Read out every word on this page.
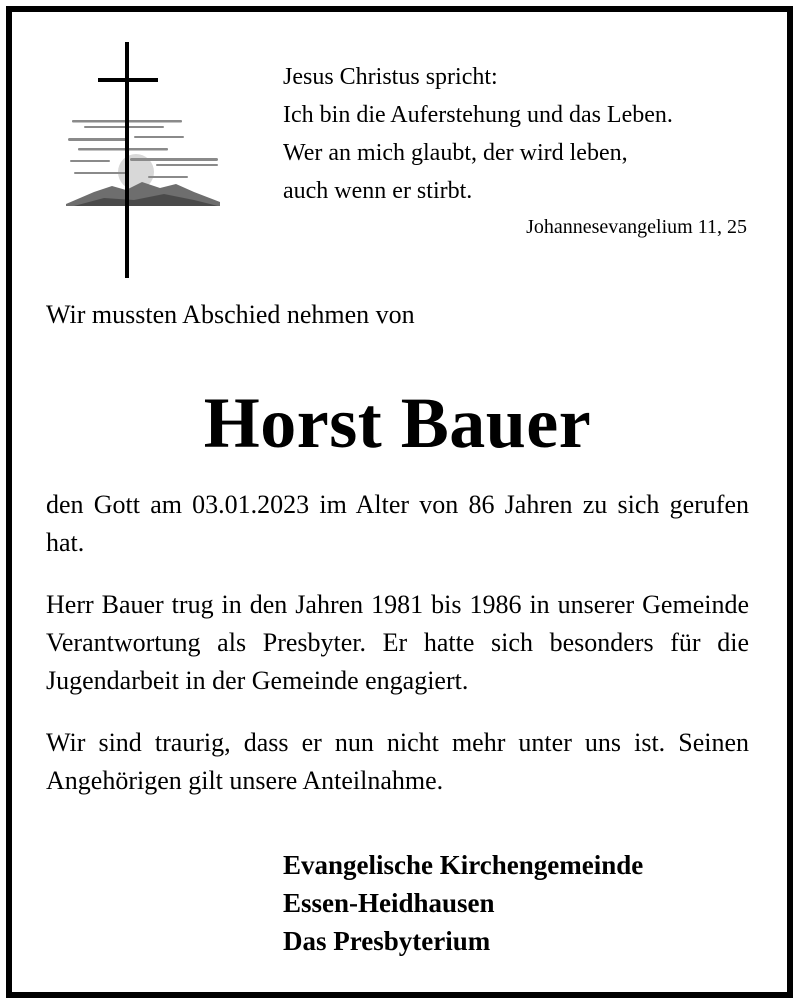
Jesus Christus spricht:
Ich bin die Auferstehung und das Leben.
Wer an mich glaubt, der wird leben,
auch wenn er stirbt.
Johannesevangelium 11, 25
Wir mussten Abschied nehmen von
Horst Bauer
den Gott am 03.01.2023 im Alter von 86 Jahren zu sich gerufen hat.
Herr Bauer trug in den Jahren 1981 bis 1986 in unserer Gemeinde Verantwortung als Presbyter. Er hatte sich besonders für die Jugendarbeit in der Gemeinde engagiert.
Wir sind traurig, dass er nun nicht mehr unter uns ist. Seinen Angehörigen gilt unsere Anteilnahme.
Evangelische Kirchengemeinde
Essen-Heidhausen
Das Presbyterium
